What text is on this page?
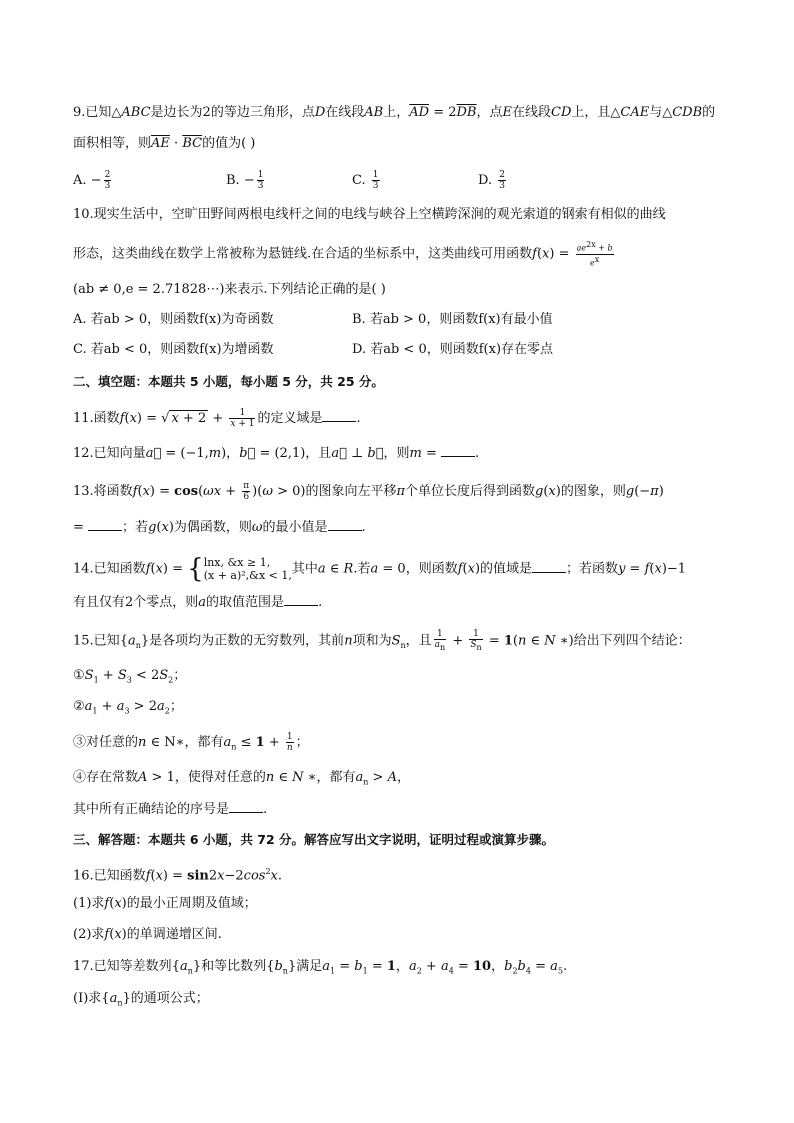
9.已知△ABC是边长为2的等边三角形，点D在线段AB上，$\overline{AD} = 2\overline{DB}$，点E在线段CD上，且△CAE与△CDB的
面积相等，则$\overline{AE} \cdot \overline{BC}$的值为( )
A. − $\frac{2}{3}$	B. − $\frac{1}{3}$	C. $\frac{1}{3}$	D. $\frac{2}{3}$
10.现实生活中，空旷田野间两根电线杆之间的电线与峡谷上空横跨深涧的观光索道的钢索有相似的曲线
形态，这类曲线在数学上常被称为悬链线.在合适的坐标系中，这类曲线可用函数$f(x) = \frac{ae2x + b}{ex}$
(ab ≠ 0,e = 2.71828⋯)来表示.下列结论正确的是( )
A. 若ab > 0，则函数f(x)为奇函数	B. 若ab > 0，则函数f(x)有最小值
C. 若ab < 0，则函数f(x)为增函数	D. 若ab < 0，则函数f(x)存在零点
二、填空题：本题共 5 小题，每小题 5 分，共 25 分。
11.函数f(x) = √ $x + 2 + \frac{1}{x + 1}$ 的定义域是	.
12.已知向量a⃗ = (−1,m)，b⃗ = (2,1)，且a⃗ ⊥ b⃗，则m =	.
13.将函数$f(x) = \cos(\omega x + \frac{\pi}{6} )(\omega > 0)$的图象向左平移π个单位长度后得到函数g(x)的图象，则g(−π)
=	；若g(x)为偶函数，则ω的最小值是	.
14.已知函数f(x) = { lnx, &x ≥ 1,
(x + a)²,&x < 1, 其中a ∈ R.若a = 0，则函数f(x)的值域是	；若函数y = f(x)−1
有且仅有2个零点，则a的取值范围是	.
15.已知$\{a_n\}$是各项均为正数的无穷数列，其前n项和为$S_n$，且 $\frac{1}{an} + \frac{1}{Sn} = 1(n$ ∈ N ∗)给出下列四个结论：
$①S_1 + S_3 < 2S_2$；
$②a_1 + a_3 > 2a_2$；
③对任意的n ∈ N∗，都有$a_n \le 1 + \frac{1}{n}$ ；
④存在常数A > 1，使得对任意的n ∈ N ∗，都有$a_n > A$，
其中所有正确结论的序号是	.
三、解答题：本题共 6 小题，共 72 分。解答应写出文字说明，证明过程或演算步骤。
16.已知函数$f(x) = \sin 2x-2\cos^2x$.
(1)求f(x)的最小正周期及值域；
(2)求f(x)的单调递增区间.
17.已知等差数列$\{a_n\}$和等比数列$\{b_n\}$满足$a_1 = b_1 = 1$，$a_2 + a_4 = 10$，$b_2b_4 = a_5$.
(Ⅰ)求$\{a_n\}$的通项公式；
